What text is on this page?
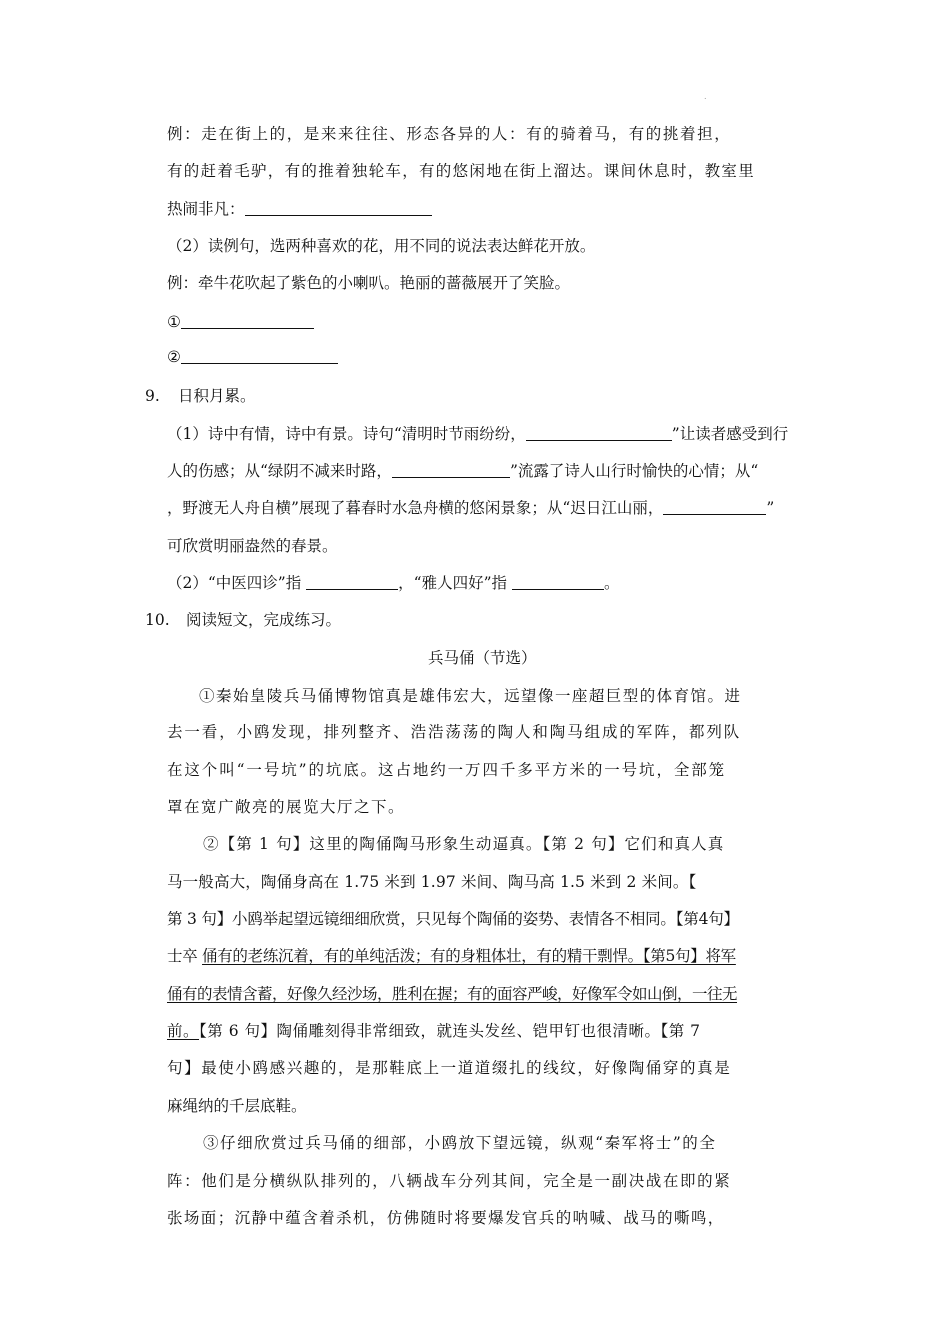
.
例：走在街上的，是来来往往、形态各异的人：有的骑着马，有的挑着担，
有的赶着毛驴，有的推着独轮车，有的悠闲地在街上溜达。课间休息时，教室里
热闹非凡：
（2）读例句，选两种喜欢的花，用不同的说法表达鲜花开放。
例：牵牛花吹起了紫色的小喇叭。艳丽的蔷薇展开了笑脸。
①
②
9. 日积月累。
（1）诗中有情，诗中有景。诗句“清明时节雨纷纷，	”让读者感受到行
人的伤感；从“绿阴不减来时路，	”流露了诗人山行时愉快的心情；从“
，野渡无人舟自横”展现了暮春时水急舟横的悠闲景象；从“迟日江山丽，	”
可欣赏明丽盎然的春景。
（2）“中医四诊”指	，“雅人四好”指	。
10. 阅读短文，完成练习。
兵马俑（节选）
①秦始皇陵兵马俑博物馆真是雄伟宏大，远望像一座超巨型的体育馆。进
去一看，小鸥发现，排列整齐、浩浩荡荡的陶人和陶马组成的军阵，都列队
在这个叫“一号坑”的坑底。这占地约一万四千多平方米的一号坑，全部笼
罩在宽广敞亮的展览大厅之下。
②【第 1 句】这里的陶俑陶马形象生动逼真。【第 2 句】它们和真人真
马一般高大，陶俑身高在 1.75 米到 1.97 米间、陶马高 1.5 米到 2 米间。【
第 3 句】小鸥举起望远镜细细欣赏，只见每个陶俑的姿势、表情各不相同。【第4句】
士卒 俑有的老练沉着，有的单纯活泼；有的身粗体壮，有的精干剽悍。【第5句】将军
俑有的表情含蓄，好像久经沙场，胜利在握；有的面容严峻，好像军令如山倒，一往无
前。【第 6 句】陶俑雕刻得非常细致，就连头发丝、铠甲钉也很清晰。【第 7
句】最使小鸥感兴趣的，是那鞋底上一道道缀扎的线纹，好像陶俑穿的真是
麻绳纳的千层底鞋。
③仔细欣赏过兵马俑的细部，小鸥放下望远镜，纵观“秦军将士”的全
阵：他们是分横纵队排列的，八辆战车分列其间，完全是一副决战在即的紧
张场面；沉静中蕴含着杀机，仿佛随时将要爆发官兵的呐喊、战马的嘶鸣，
